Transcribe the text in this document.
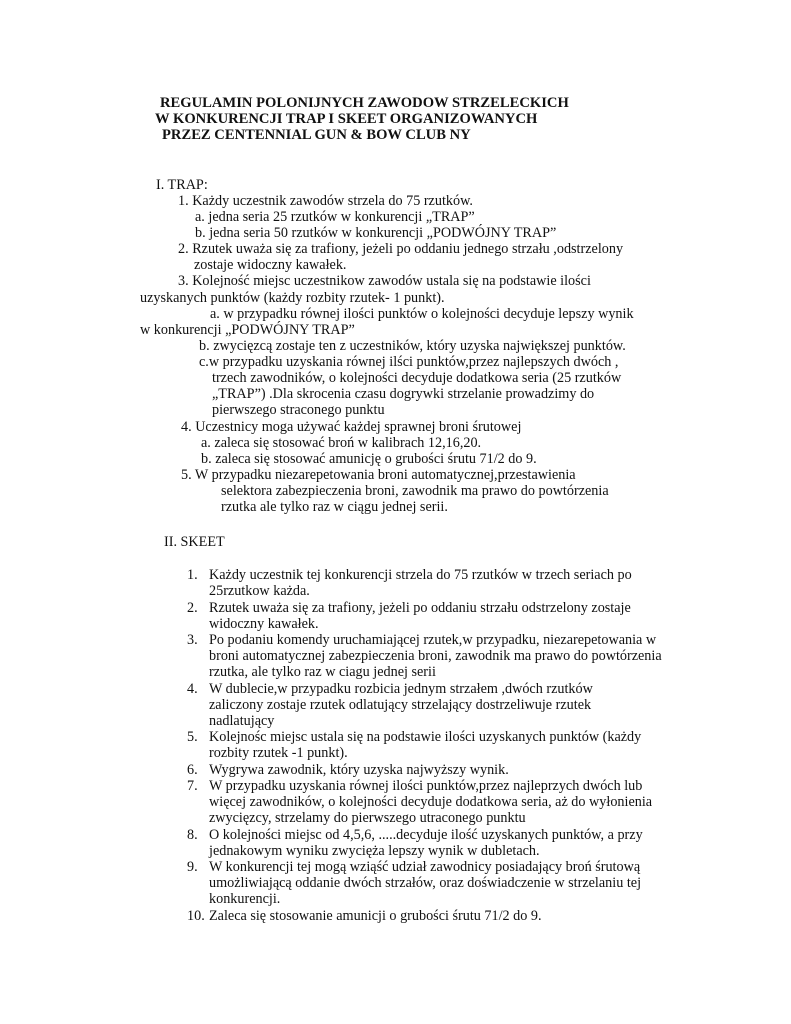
REGULAMIN POLONIJNYCH ZAWODOW STRZELECKICH
W KONKURENCJI TRAP I SKEET ORGANIZOWANYCH
PRZEZ CENTENNIAL GUN & BOW CLUB NY
I. TRAP:
1. Każdy uczestnik zawodów strzela do 75 rzutków.
a. jedna seria 25 rzutków w konkurencji „TRAP”
b. jedna seria 50 rzutków w konkurencji „PODWÓJNY TRAP”
2. Rzutek uważa się za trafiony, jeżeli po oddaniu jednego strzału ,odstrzelony
zostaje widoczny kawałek.
3. Kolejność miejsc uczestnikow zawodów ustala się na podstawie ilości
uzyskanych punktów (każdy rozbity rzutek- 1 punkt).
a. w przypadku równej ilości punktów o kolejności decyduje lepszy wynik
w konkurencji „PODWÓJNY TRAP”
b. zwycięzcą zostaje ten z uczestników, który uzyska największej punktów.
c.w przypadku uzyskania równej ilści punktów,przez najlepszych dwóch ,
trzech zawodników, o kolejności decyduje dodatkowa seria (25 rzutków
„TRAP”) .Dla skrocenia czasu dogrywki strzelanie prowadzimy do
pierwszego straconego punktu
4. Uczestnicy moga używać każdej sprawnej broni śrutowej
a. zaleca się stosować broń w kalibrach 12,16,20.
b. zaleca się stosować amunicję o grubości śrutu 71/2 do 9.
5. W przypadku niezarepetowania broni automatycznej,przestawienia
selektora zabezpieczenia broni, zawodnik ma prawo do powtórzenia
rzutka ale tylko raz w ciągu jednej serii.
II. SKEET
1. Każdy uczestnik tej konkurencji strzela do 75 rzutków w trzech seriach po
25rzutkow każda.
2. Rzutek uważa się za trafiony, jeżeli po oddaniu strzału odstrzelony zostaje
widoczny kawałek.
3. Po podaniu komendy uruchamiającej rzutek,w przypadku, niezarepetowania w
broni automatycznej zabezpieczenia broni, zawodnik ma prawo do powtórzenia
rzutka, ale tylko raz w ciagu jednej serii
4. W dublecie,w przypadku rozbicia jednym strzałem ,dwóch rzutków
zaliczony zostaje rzutek odlatujący strzelający dostrzeliwuje rzutek
nadlatujący
5. Kolejnośc miejsc ustala się na podstawie ilości uzyskanych punktów (każdy
rozbity rzutek -1 punkt).
6. Wygrywa zawodnik, który uzyska najwyższy wynik.
7. W przypadku uzyskania równej ilości punktów,przez najleprzych dwóch lub
więcej zawodników, o kolejności decyduje dodatkowa seria, aż do wyłonienia
zwycięzcy, strzelamy do pierwszego utraconego punktu
8. O kolejności miejsc od 4,5,6, .....decyduje ilość uzyskanych punktów, a przy
jednakowym wyniku zwycięża lepszy wynik w dubletach.
9. W konkurencji tej mogą wziąść udział zawodnicy posiadający broń śrutową
umożliwiającą oddanie dwóch strzałów, oraz doświadczenie w strzelaniu tej
konkurencji.
10. Zaleca się stosowanie amunicji o grubości śrutu 71/2 do 9.
